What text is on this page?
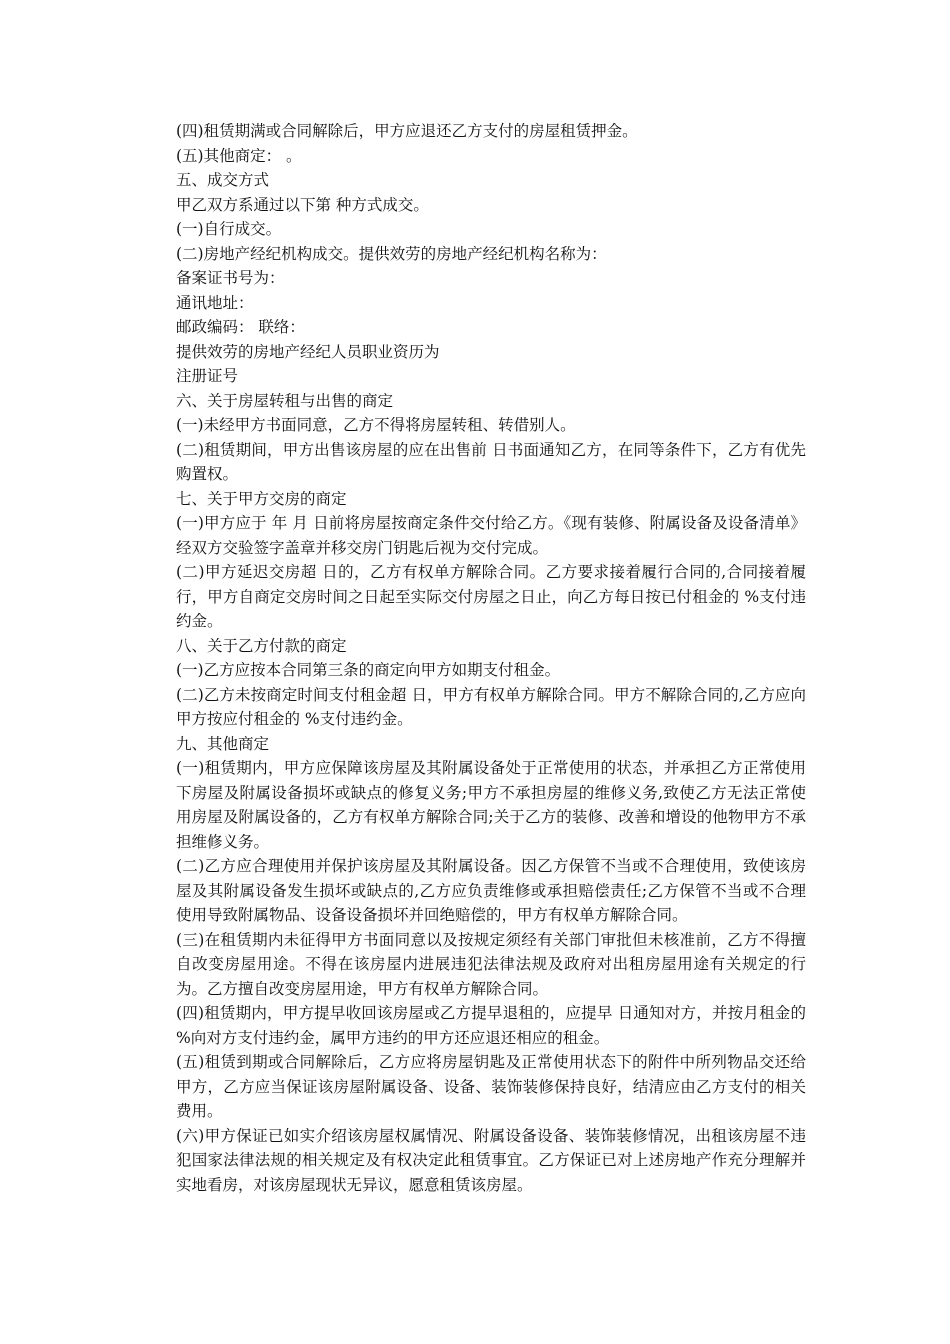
(四)租赁期满或合同解除后，甲方应退还乙方支付的房屋租赁押金。

(五)其他商定： 。

五、成交方式

甲乙双方系通过以下第 种方式成交。

(一)自行成交。

(二)房地产经纪机构成交。提供效劳的房地产经纪机构名称为：

备案证书号为：

通讯地址：

邮政编码： 联络：

提供效劳的房地产经纪人员职业资历为

注册证号

六、关于房屋转租与出售的商定

(一)未经甲方书面同意，乙方不得将房屋转租、转借别人。

(二)租赁期间，甲方出售该房屋的应在出售前 日书面通知乙方，在同等条件下，乙方有优先购置权。

七、关于甲方交房的商定

(一)甲方应于 年 月 日前将房屋按商定条件交付给乙方。《现有装修、附属设备及设备清单》经双方交验签字盖章并移交房门钥匙后视为交付完成。

(二)甲方延迟交房超 日的，乙方有权单方解除合同。乙方要求接着履行合同的,合同接着履行，甲方自商定交房时间之日起至实际交付房屋之日止，向乙方每日按已付租金的 %支付违约金。

八、关于乙方付款的商定

(一)乙方应按本合同第三条的商定向甲方如期支付租金。

(二)乙方未按商定时间支付租金超 日，甲方有权单方解除合同。甲方不解除合同的,乙方应向甲方按应付租金的 %支付违约金。

九、其他商定

(一)租赁期内，甲方应保障该房屋及其附属设备处于正常使用的状态，并承担乙方正常使用下房屋及附属设备损坏或缺点的修复义务;甲方不承担房屋的维修义务,致使乙方无法正常使用房屋及附属设备的，乙方有权单方解除合同;关于乙方的装修、改善和增设的他物甲方不承担维修义务。

(二)乙方应合理使用并保护该房屋及其附属设备。因乙方保管不当或不合理使用，致使该房屋及其附属设备发生损坏或缺点的,乙方应负责维修或承担赔偿责任;乙方保管不当或不合理使用导致附属物品、设备设备损坏并回绝赔偿的，甲方有权单方解除合同。

(三)在租赁期内未征得甲方书面同意以及按规定须经有关部门审批但未核准前，乙方不得擅自改变房屋用途。不得在该房屋内进展违犯法律法规及政府对出租房屋用途有关规定的行为。乙方擅自改变房屋用途，甲方有权单方解除合同。

(四)租赁期内，甲方提早收回该房屋或乙方提早退租的，应提早 日通知对方，并按月租金的 %向对方支付违约金，属甲方违约的甲方还应退还相应的租金。

(五)租赁到期或合同解除后，乙方应将房屋钥匙及正常使用状态下的附件中所列物品交还给甲方，乙方应当保证该房屋附属设备、设备、装饰装修保持良好，结清应由乙方支付的相关费用。

(六)甲方保证已如实介绍该房屋权属情况、附属设备设备、装饰装修情况，出租该房屋不违犯国家法律法规的相关规定及有权决定此租赁事宜。乙方保证已对上述房地产作充分理解并实地看房，对该房屋现状无异议，愿意租赁该房屋。
